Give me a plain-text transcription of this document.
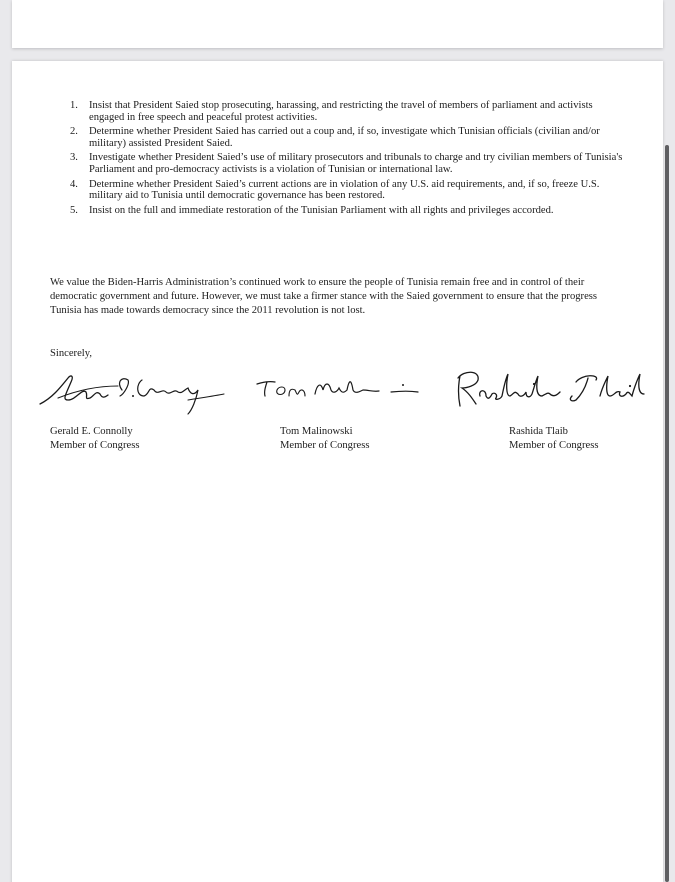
1. Insist that President Saied stop prosecuting, harassing, and restricting the travel of members of parliament and activists engaged in free speech and peaceful protest activities.
2. Determine whether President Saied has carried out a coup and, if so, investigate which Tunisian officials (civilian and/or military) assisted President Saied.
3. Investigate whether President Saied’s use of military prosecutors and tribunals to charge and try civilian members of Tunisia's Parliament and pro-democracy activists is a violation of Tunisian or international law.
4. Determine whether President Saied’s current actions are in violation of any U.S. aid requirements, and, if so, freeze U.S. military aid to Tunisia until democratic governance has been restored.
5. Insist on the full and immediate restoration of the Tunisian Parliament with all rights and privileges accorded.

We value the Biden-Harris Administration’s continued work to ensure the people of Tunisia remain free and in control of their democratic government and future. However, we must take a firmer stance with the Saied government to ensure that the progress Tunisia has made towards democracy since the 2011 revolution is not lost.

Sincerely,

Gerald E. Connolly
Member of Congress
Tom Malinowski
Member of Congress
Rashida Tlaib
Member of Congress
